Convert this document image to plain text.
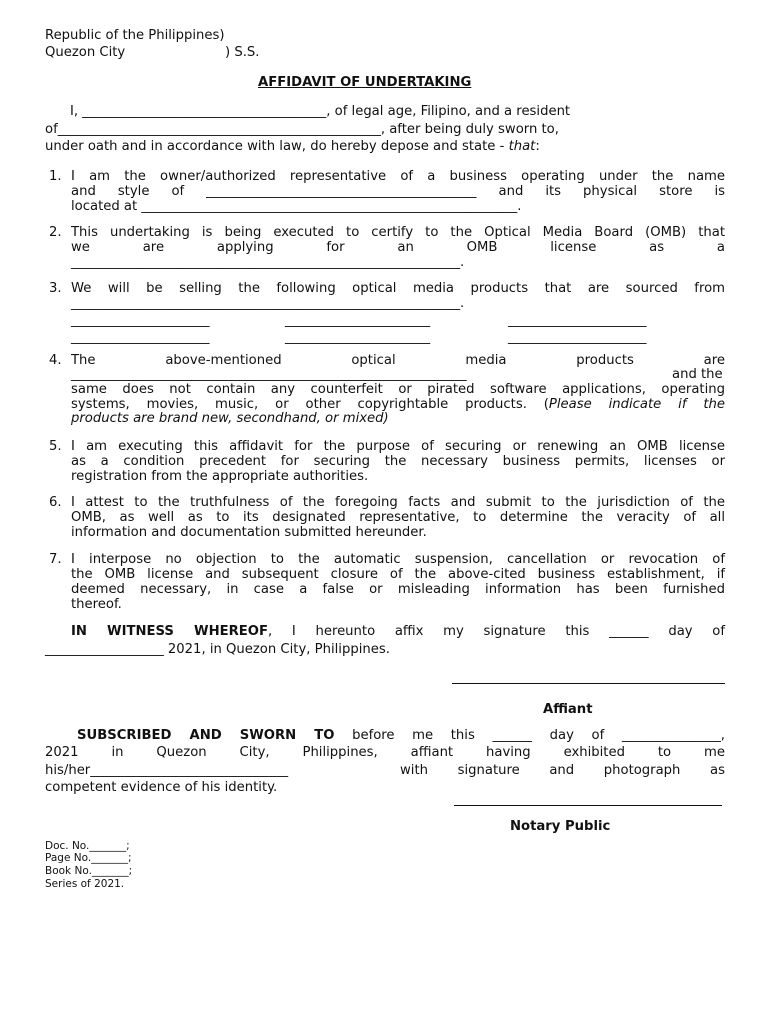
Republic of the Philippines)
Quezon City	) S.S.
AFFIDAVIT OF UNDERTAKING
I, _____________________________________, of legal age, Filipino, and a resident
of_________________________________________________, after being duly sworn to,
under oath and in accordance with law, do hereby depose and state - that:
1. I am the owner/authorized representative of a business operating under the name
and style of _________________________________________ and its physical store is
located at _________________________________________________________.
2. This undertaking is being executed to certify to the Optical Media Board (OMB) that
we are applying for an OMB license as a
___________________________________________________________.
3. We will be selling the following optical media products that are sourced from
___________________________________________________________.
_____________________	______________________	_____________________
_____________________	______________________	_____________________
4. The above-mentioned optical media products are
____________________________________________________________	and the
same does not contain any counterfeit or pirated software applications, operating
systems, movies, music, or other copyrightable products. (Please indicate if the
products are brand new, secondhand, or mixed)
5. I am executing this affidavit for the purpose of securing or renewing an OMB license
as a condition precedent for securing the necessary business permits, licenses or
registration from the appropriate authorities.
6. I attest to the truthfulness of the foregoing facts and submit to the jurisdiction of the
OMB, as well as to its designated representative, to determine the veracity of all
information and documentation submitted hereunder.
7. I interpose no objection to the automatic suspension, cancellation or revocation of
the OMB license and subsequent closure of the above-cited business establishment, if
deemed necessary, in case a false or misleading information has been furnished
thereof.
IN WITNESS WHEREOF, I hereunto affix my signature this ______ day of
__________________ 2021, in Quezon City, Philippines.
Affiant
SUBSCRIBED AND SWORN TO before me this ______ day of _______________,
2021 in Quezon City, Philippines, affiant having exhibited to me
his/her______________________________	with signature and photograph as
competent evidence of his identity.
Notary Public
Doc. No._______;
Page No._______;
Book No._______;
Series of 2021.
